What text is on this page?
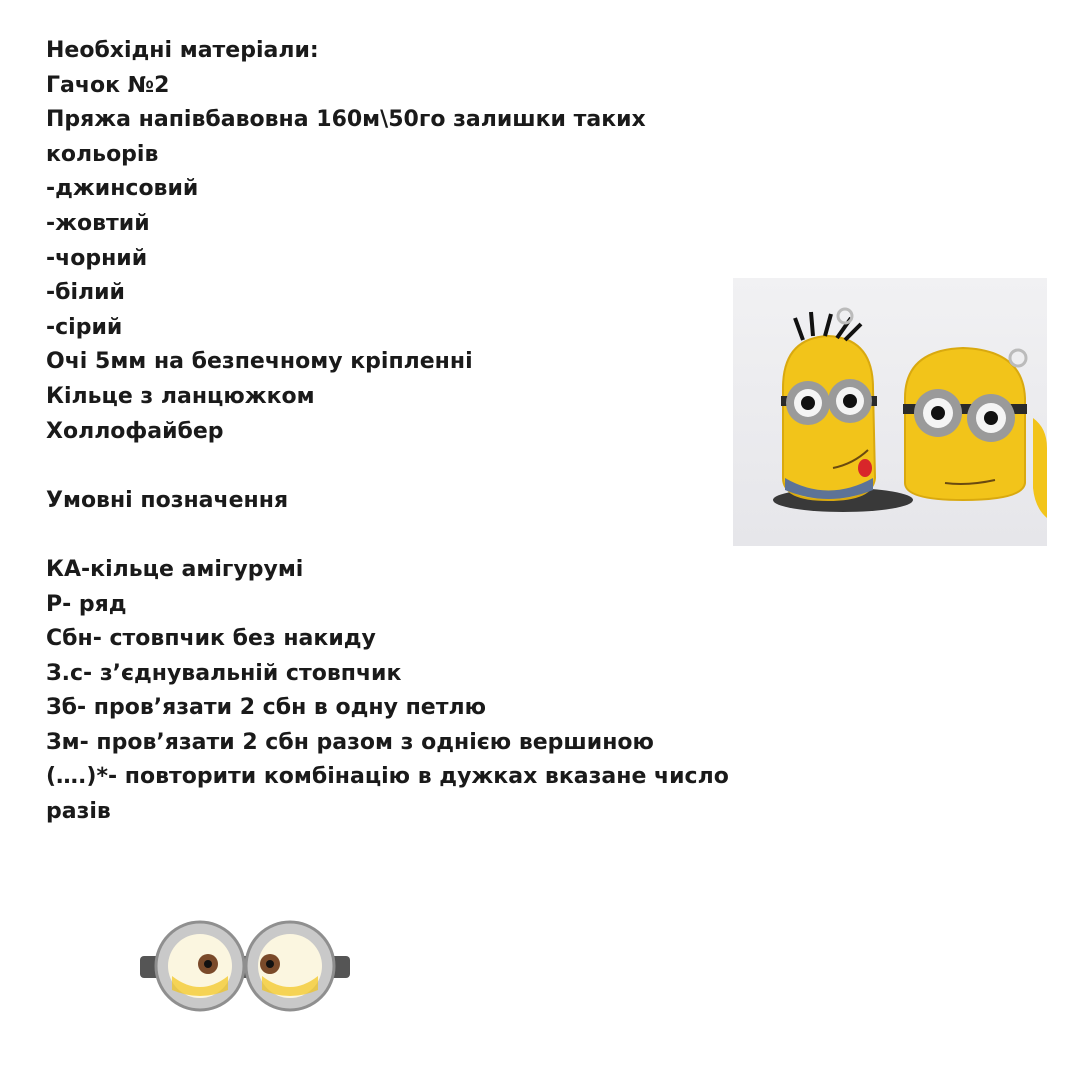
Необхідні матеріали:
Гачок №2
Пряжа напівбавовна 160м\50го залишки таких кольорів
-джинсовий
-жовтий
-чорний
-білий
-сірий
Очі 5мм на безпечному кріпленні
Кільце з ланцюжком
Холлофайбер
Умовні позначення
КА-кільце амігурумі
Р- ряд
Сбн- стовпчик без накиду
З.с- з’єднувальній стовпчик
Зб- пров’язати 2 сбн в одну петлю
Зм- пров’язати 2 сбн разом з однією вершиною
(….)*- повторити комбінацію в дужках вказане число разів
